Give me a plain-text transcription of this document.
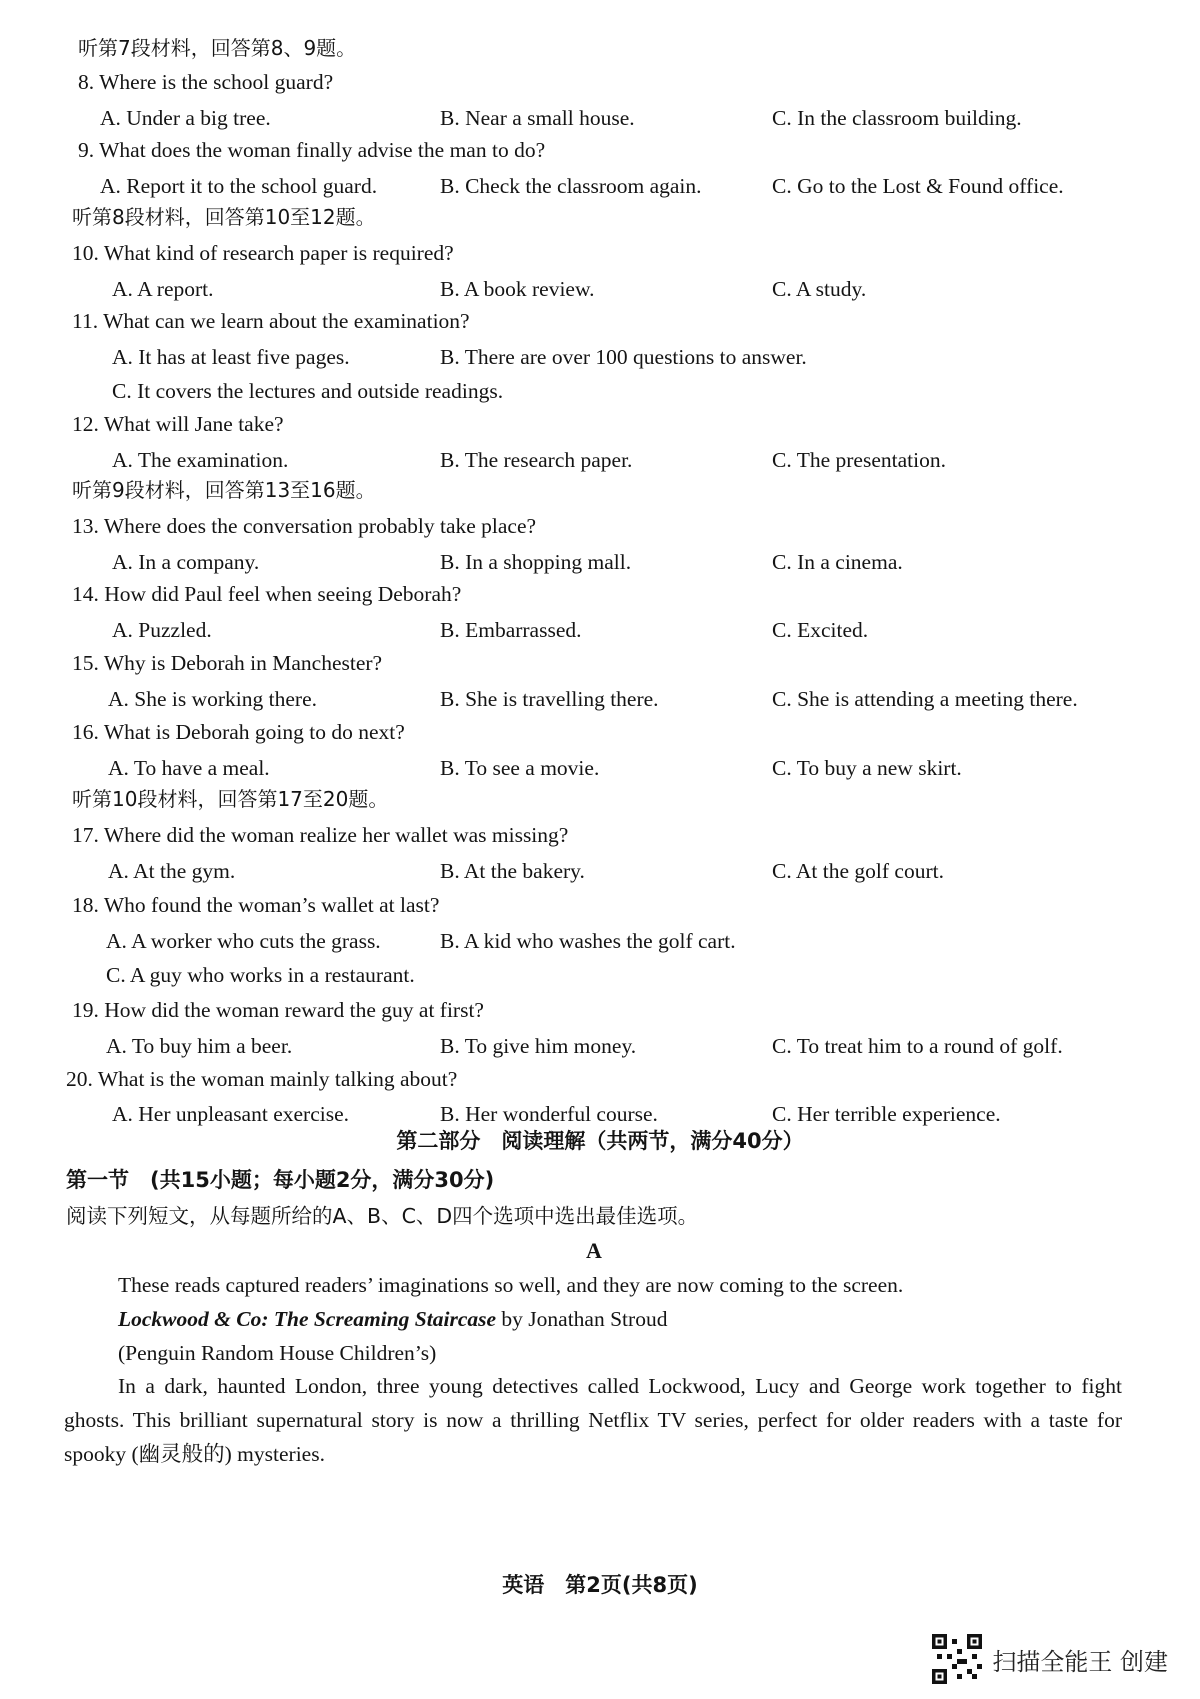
听第7段材料，回答第8、9题。
8. Where is the school guard?
9. What does the woman finally advise the man to do?
听第8段材料，回答第10至12题。
10. What kind of research paper is required?
11. What can we learn about the examination?
12. What will Jane take?
听第9段材料，回答第13至16题。
13. Where does the conversation probably take place?
14. How did Paul feel when seeing Deborah?
15. Why is Deborah in Manchester?
16. What is Deborah going to do next?
听第10段材料，回答第17至20题。
17. Where did the woman realize her wallet was missing?
18. Who found the woman’s wallet at last?
19. How did the woman reward the guy at first?
20. What is the woman mainly talking about?
A. Under a big tree.	B. Near a small house.	C. In the classroom building.
A. Report it to the school guard.	B. Check the classroom again.	C. Go to the Lost & Found office.
A. A report.	B. A book review.	C. A study.
A. It has at least five pages.	B. There are over 100 questions to answer.
C. It covers the lectures and outside readings.
A. The examination.	B. The research paper.	C. The presentation.
A. In a company.	B. In a shopping mall.	C. In a cinema.
A. Puzzled.	B. Embarrassed.	C. Excited.
A. She is working there.	B. She is travelling there.	C. She is attending a meeting there.
A. To have a meal.	B. To see a movie.	C. To buy a new skirt.
A. At the gym.	B. At the bakery.	C. At the golf court.
A. A worker who cuts the grass.	B. A kid who washes the golf cart.
C. A guy who works in a restaurant.
A. To buy him a beer.	B. To give him money.	C. To treat him to a round of golf.
A. Her unpleasant exercise.	B. Her wonderful course.	C. Her terrible experience.
第二部分　阅读理解（共两节，满分40分）
第一节　(共15小题；每小题2分，满分30分)
阅读下列短文，从每题所给的A、B、C、D四个选项中选出最佳选项。
A
These reads captured readers’ imaginations so well, and they are now coming to the screen.
Lockwood & Co: The Screaming Staircase by Jonathan Stroud
(Penguin Random House Children’s)
In a dark, haunted London, three young detectives called Lockwood, Lucy and George work together to fight ghosts. This brilliant supernatural story is now a thrilling Netflix TV series, perfect for older readers with a taste for spooky (幽灵般的) mysteries.
英语　第2页(共8页)
扫描全能王 创建
